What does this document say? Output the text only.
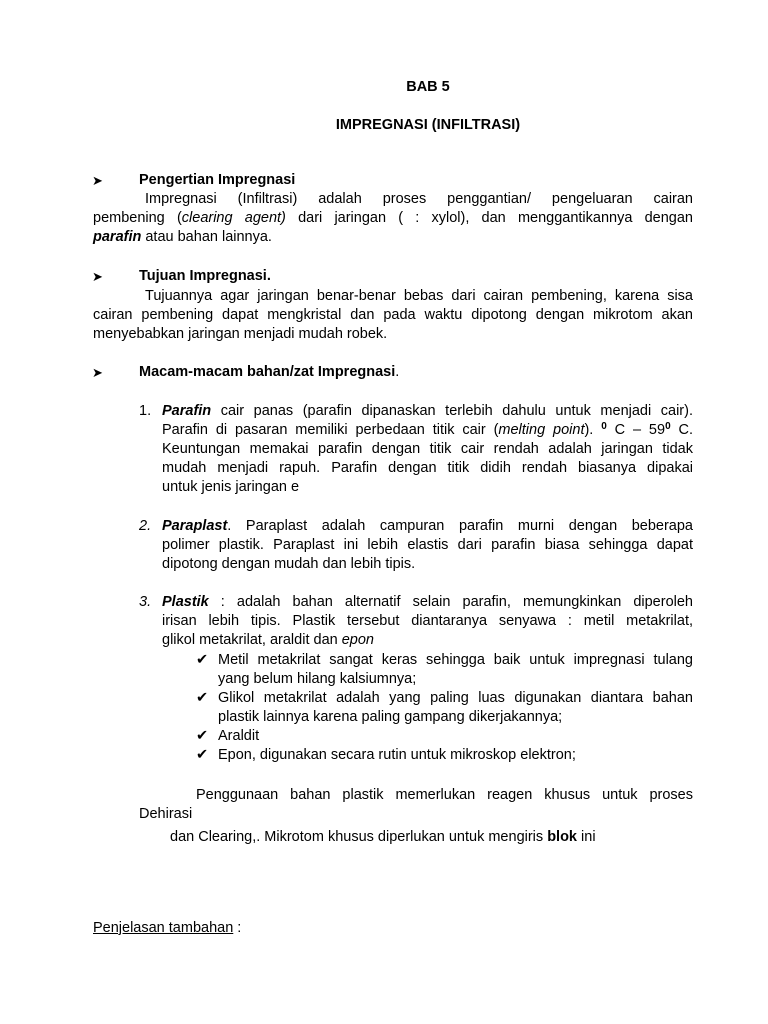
BAB 5
IMPREGNASI (INFILTRASI)
➤ Pengertian Impregnasi
Impregnasi (Infiltrasi) adalah proses penggantian/ pengeluaran cairan
pembening (clearing agent) dari jaringan ( : xylol), dan menggantikannya dengan
parafin atau bahan lainnya.
➤ Tujuan Impregnasi.
Tujuannya agar jaringan benar-benar bebas dari cairan pembening, karena sisa
cairan pembening dapat mengkristal dan pada waktu dipotong dengan mikrotom akan
menyebabkan jaringan menjadi mudah robek.
➤ Macam-macam bahan/zat Impregnasi.
1. Parafin cair panas (parafin dipanaskan terlebih dahulu untuk menjadi cair).
Parafin di pasaran memiliki perbedaan titik cair (melting point). $^0$ C – $59^0$ C.
Keuntungan memakai parafin dengan titik cair rendah adalah jaringan tidak
mudah menjadi rapuh. Parafin dengan titik didih rendah biasanya dipakai
untuk jenis jaringan e
2. Paraplast. Paraplast adalah campuran parafin murni dengan beberapa
polimer plastik. Paraplast ini lebih elastis dari parafin biasa sehingga dapat
dipotong dengan mudah dan lebih tipis.
3. Plastik : adalah bahan alternatif selain parafin, memungkinkan diperoleh
irisan lebih tipis. Plastik tersebut diantaranya senyawa : metil metakrilat,
glikol metakrilat, araldit dan epon
✔ Metil metakrilat sangat keras sehingga baik untuk impregnasi tulang
yang belum hilang kalsiumnya;
✔ Glikol metakrilat adalah yang paling luas digunakan diantara bahan
plastik lainnya karena paling gampang dikerjakannya;
✔ Araldit
✔ Epon, digunakan secara rutin untuk mikroskop elektron;
Penggunaan bahan plastik memerlukan reagen khusus untuk proses
Dehirasi
dan Clearing,. Mikrotom khusus diperlukan untuk mengiris blok ini
Penjelasan tambahan :
